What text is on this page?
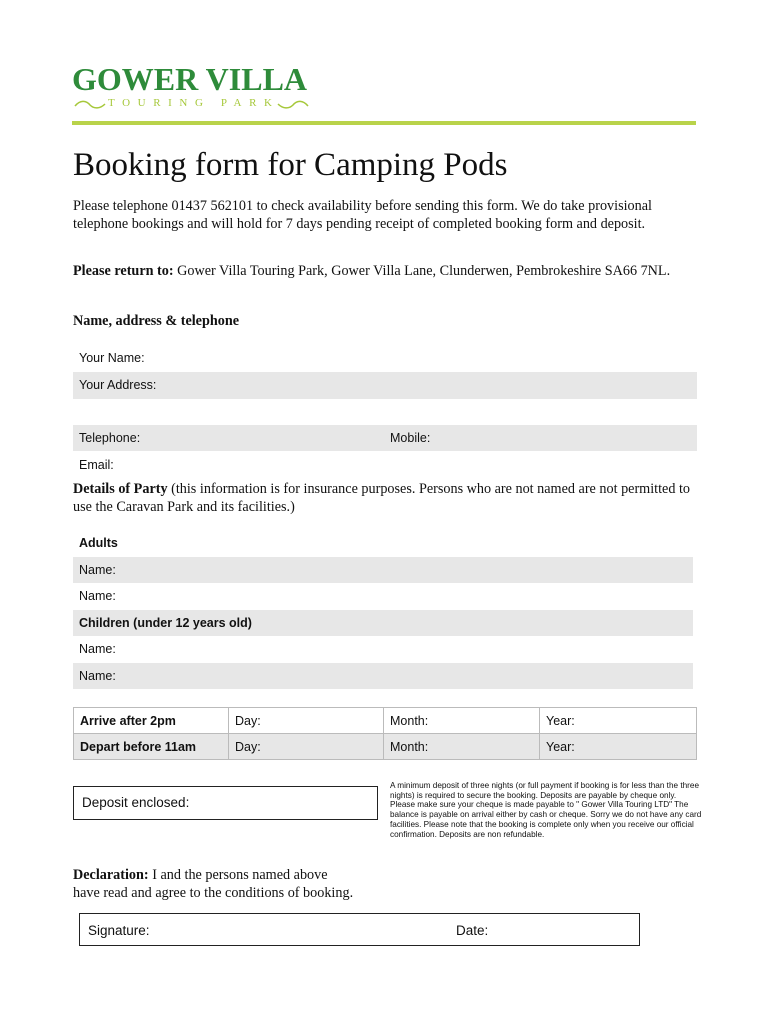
GOWER VILLA
TOURING PARK
Booking form for Camping Pods
Please telephone 01437 562101 to check availability before sending this form. We do take provisional telephone bookings and will hold for 7 days pending receipt of completed booking form and deposit.
Please return to: Gower Villa Touring Park, Gower Villa Lane, Clunderwen, Pembrokeshire SA66 7NL.
Name, address & telephone
Your Name:
Your Address:
Telephone:	Mobile:
Email:
Details of Party (this information is for insurance purposes. Persons who are not named are not permitted to use the Caravan Park and its facilities.)
Adults
Name:
Name:
Children (under 12 years old)
Name:
Name:
Arrive after 2pm	Day:	Month:	Year:
Depart before 11am	Day:	Month:	Year:
Deposit enclosed:
A minimum deposit of three nights (or full payment if booking is for less than the three nights) is required to secure the booking. Deposits are payable by cheque only. Please make sure your cheque is made payable to " Gower Villa Touring LTD" The balance is payable on arrival either by cash or cheque. Sorry we do not have any card facilities. Please note that the booking is complete only when you receive our official confirmation. Deposits are non refundable.
Declaration: I and the persons named above
have read and agree to the conditions of booking.
Signature:	Date:
